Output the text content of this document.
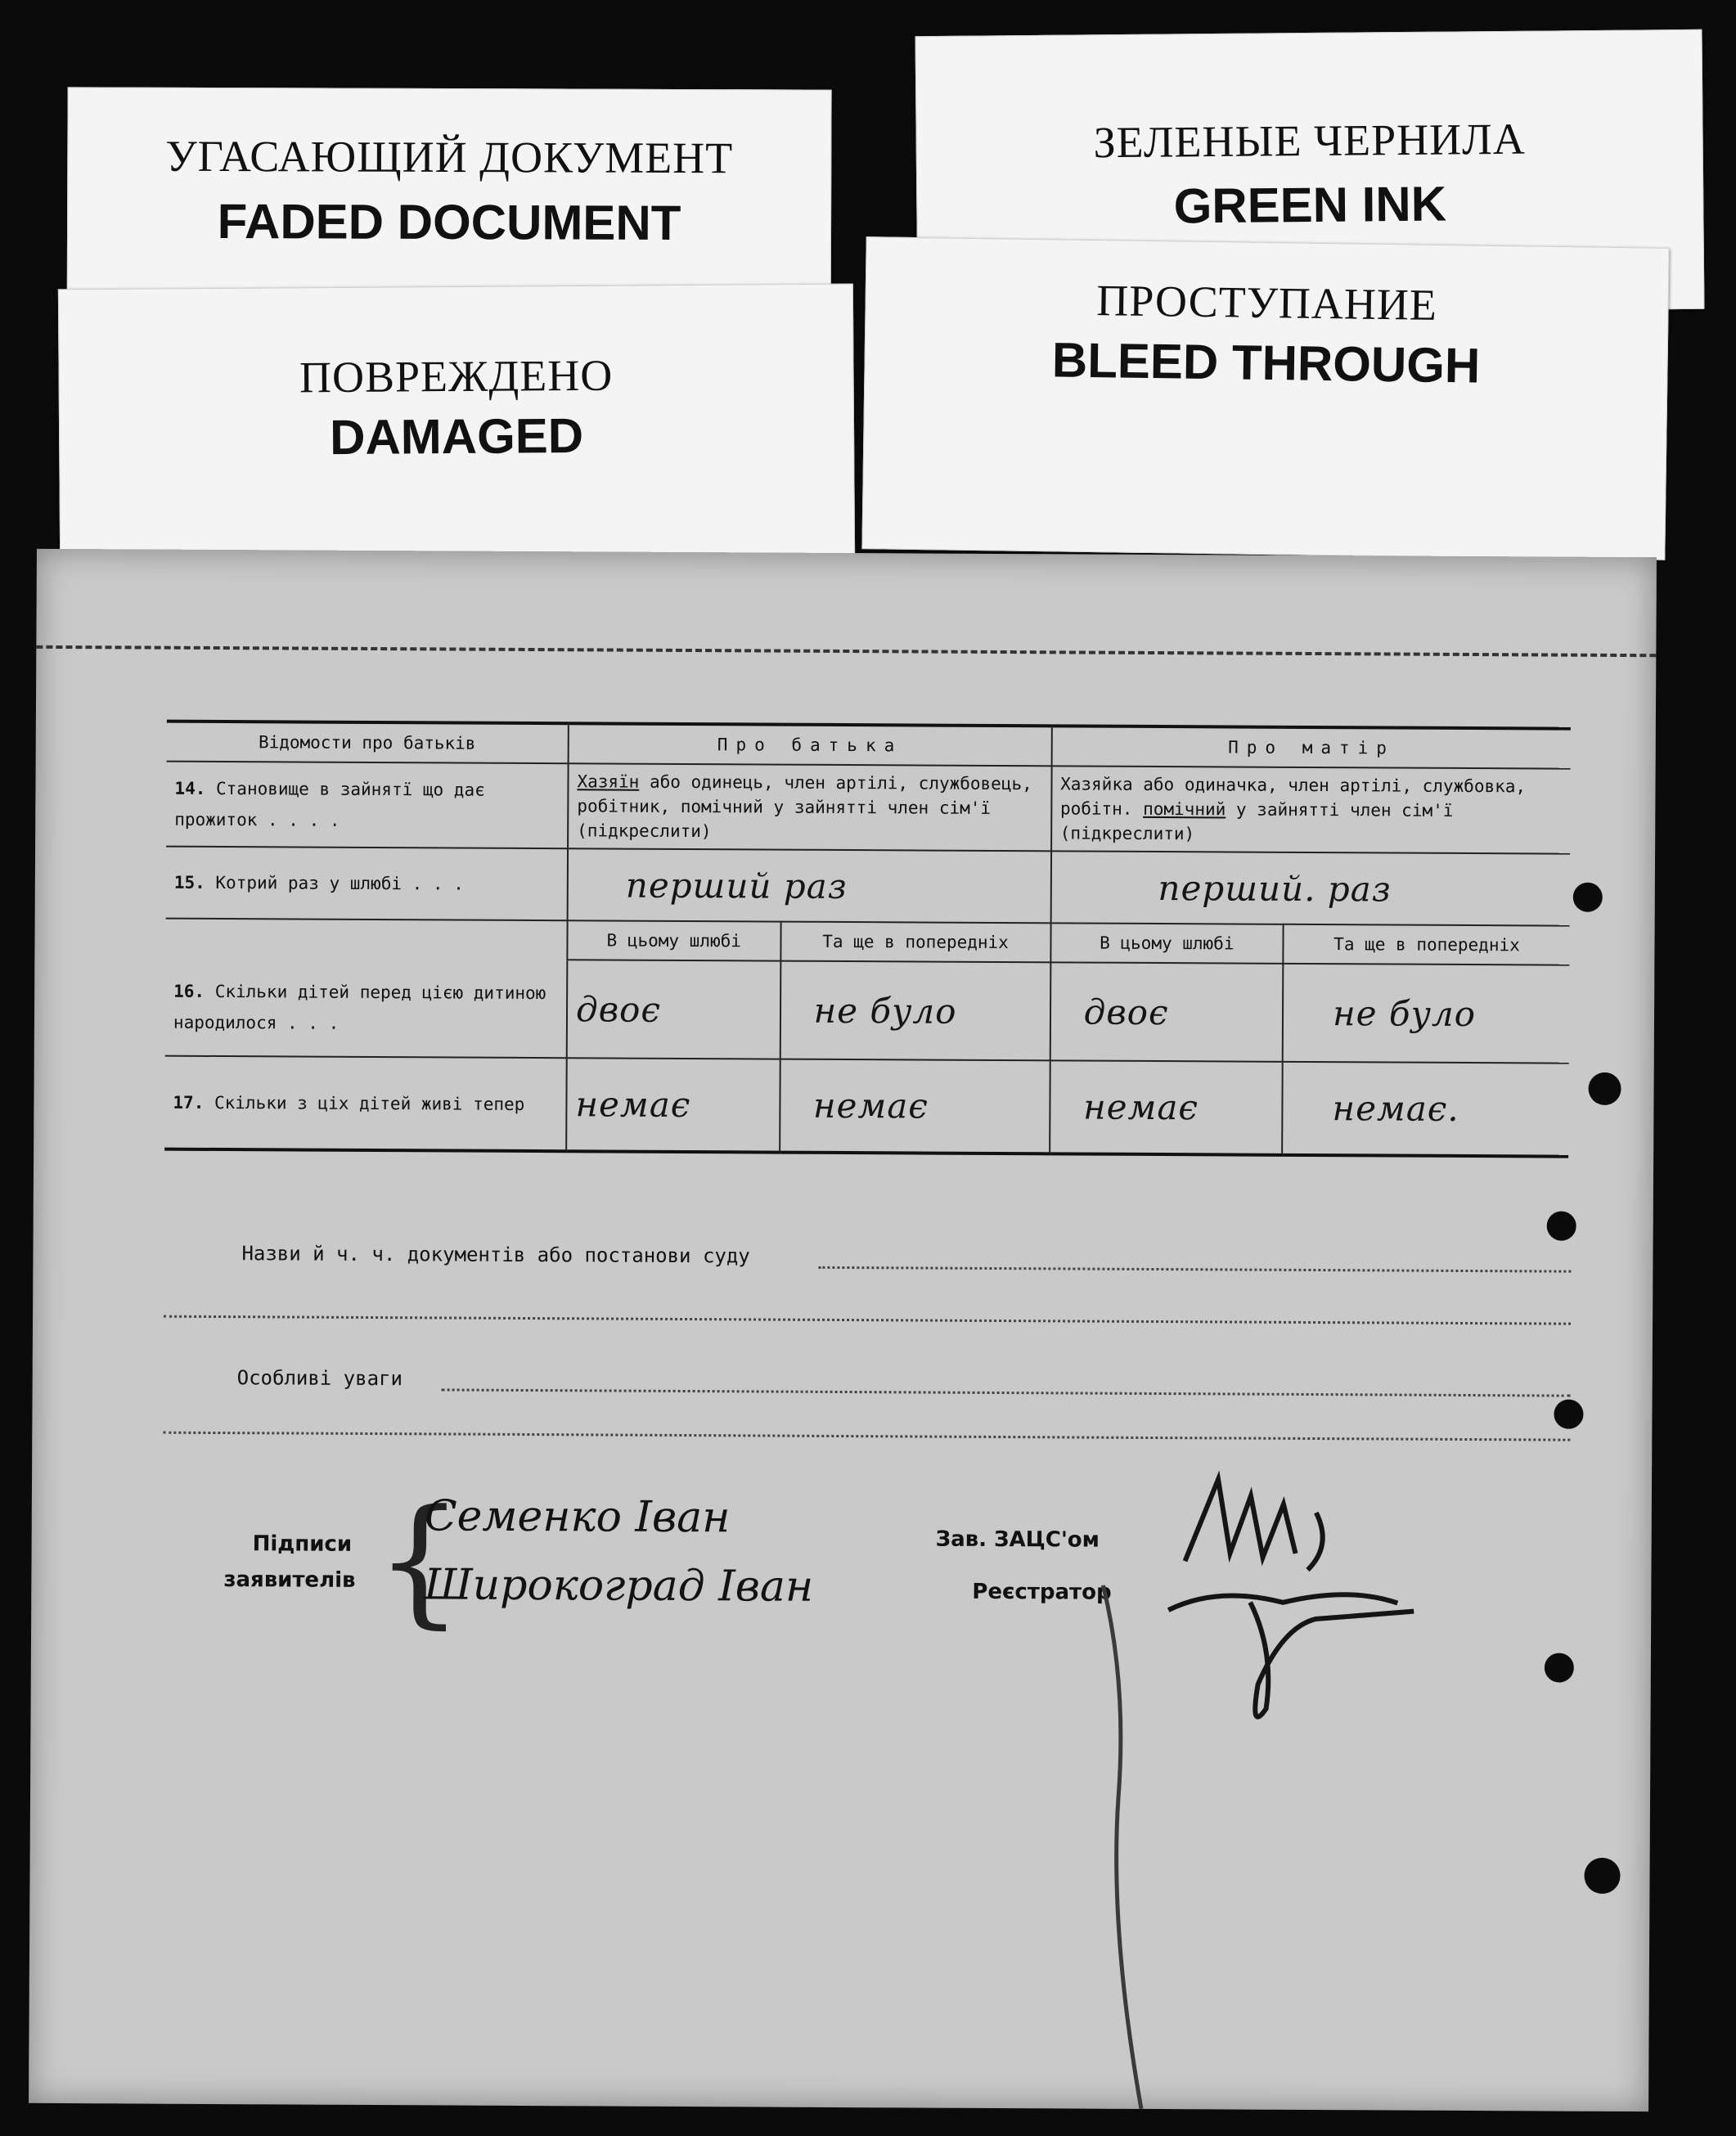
УГАСАЮЩИЙ ДОКУМЕНТ
FADED DOCUMENT
ЗЕЛЕНЫЕ ЧЕРНИЛА
GREEN INK
ПОВРЕЖДЕНО
DAMAGED
ПРОСТУПАНИЕ
BLEED THROUGH
Відомости про батьків	Про батька		Про матір	
14. Становище в зайнятї що дає прожиток . . . .	Хазяїн або одинець, член артілі, службовець, робітник, помічний у зайнятті член сім'ї (підкреслити)		Хазяйка або одиначка, член артілі, службовка, робітн. помічний у зайнятті член сім'ї (підкреслити)	
15. Котрий раз у шлюбі . . .	перший раз		перший. раз	
	В цьому шлюбі	Та ще в попередніх	В цьому шлюбі	Та ще в попередніх
16. Скільки дітей перед цією дитиною народилося . . .	двоє	не було	двоє	не було
17. Скільки з ціх дітей живі тепер	немає	немає	немає	немає.
Назви й ч. ч. документів або постанови суду
Особливі уваги
Підписи
заявителів {
Семенко Іван
Широкоград Іван
Зав. ЗАЦС'ом
Реєстратор
